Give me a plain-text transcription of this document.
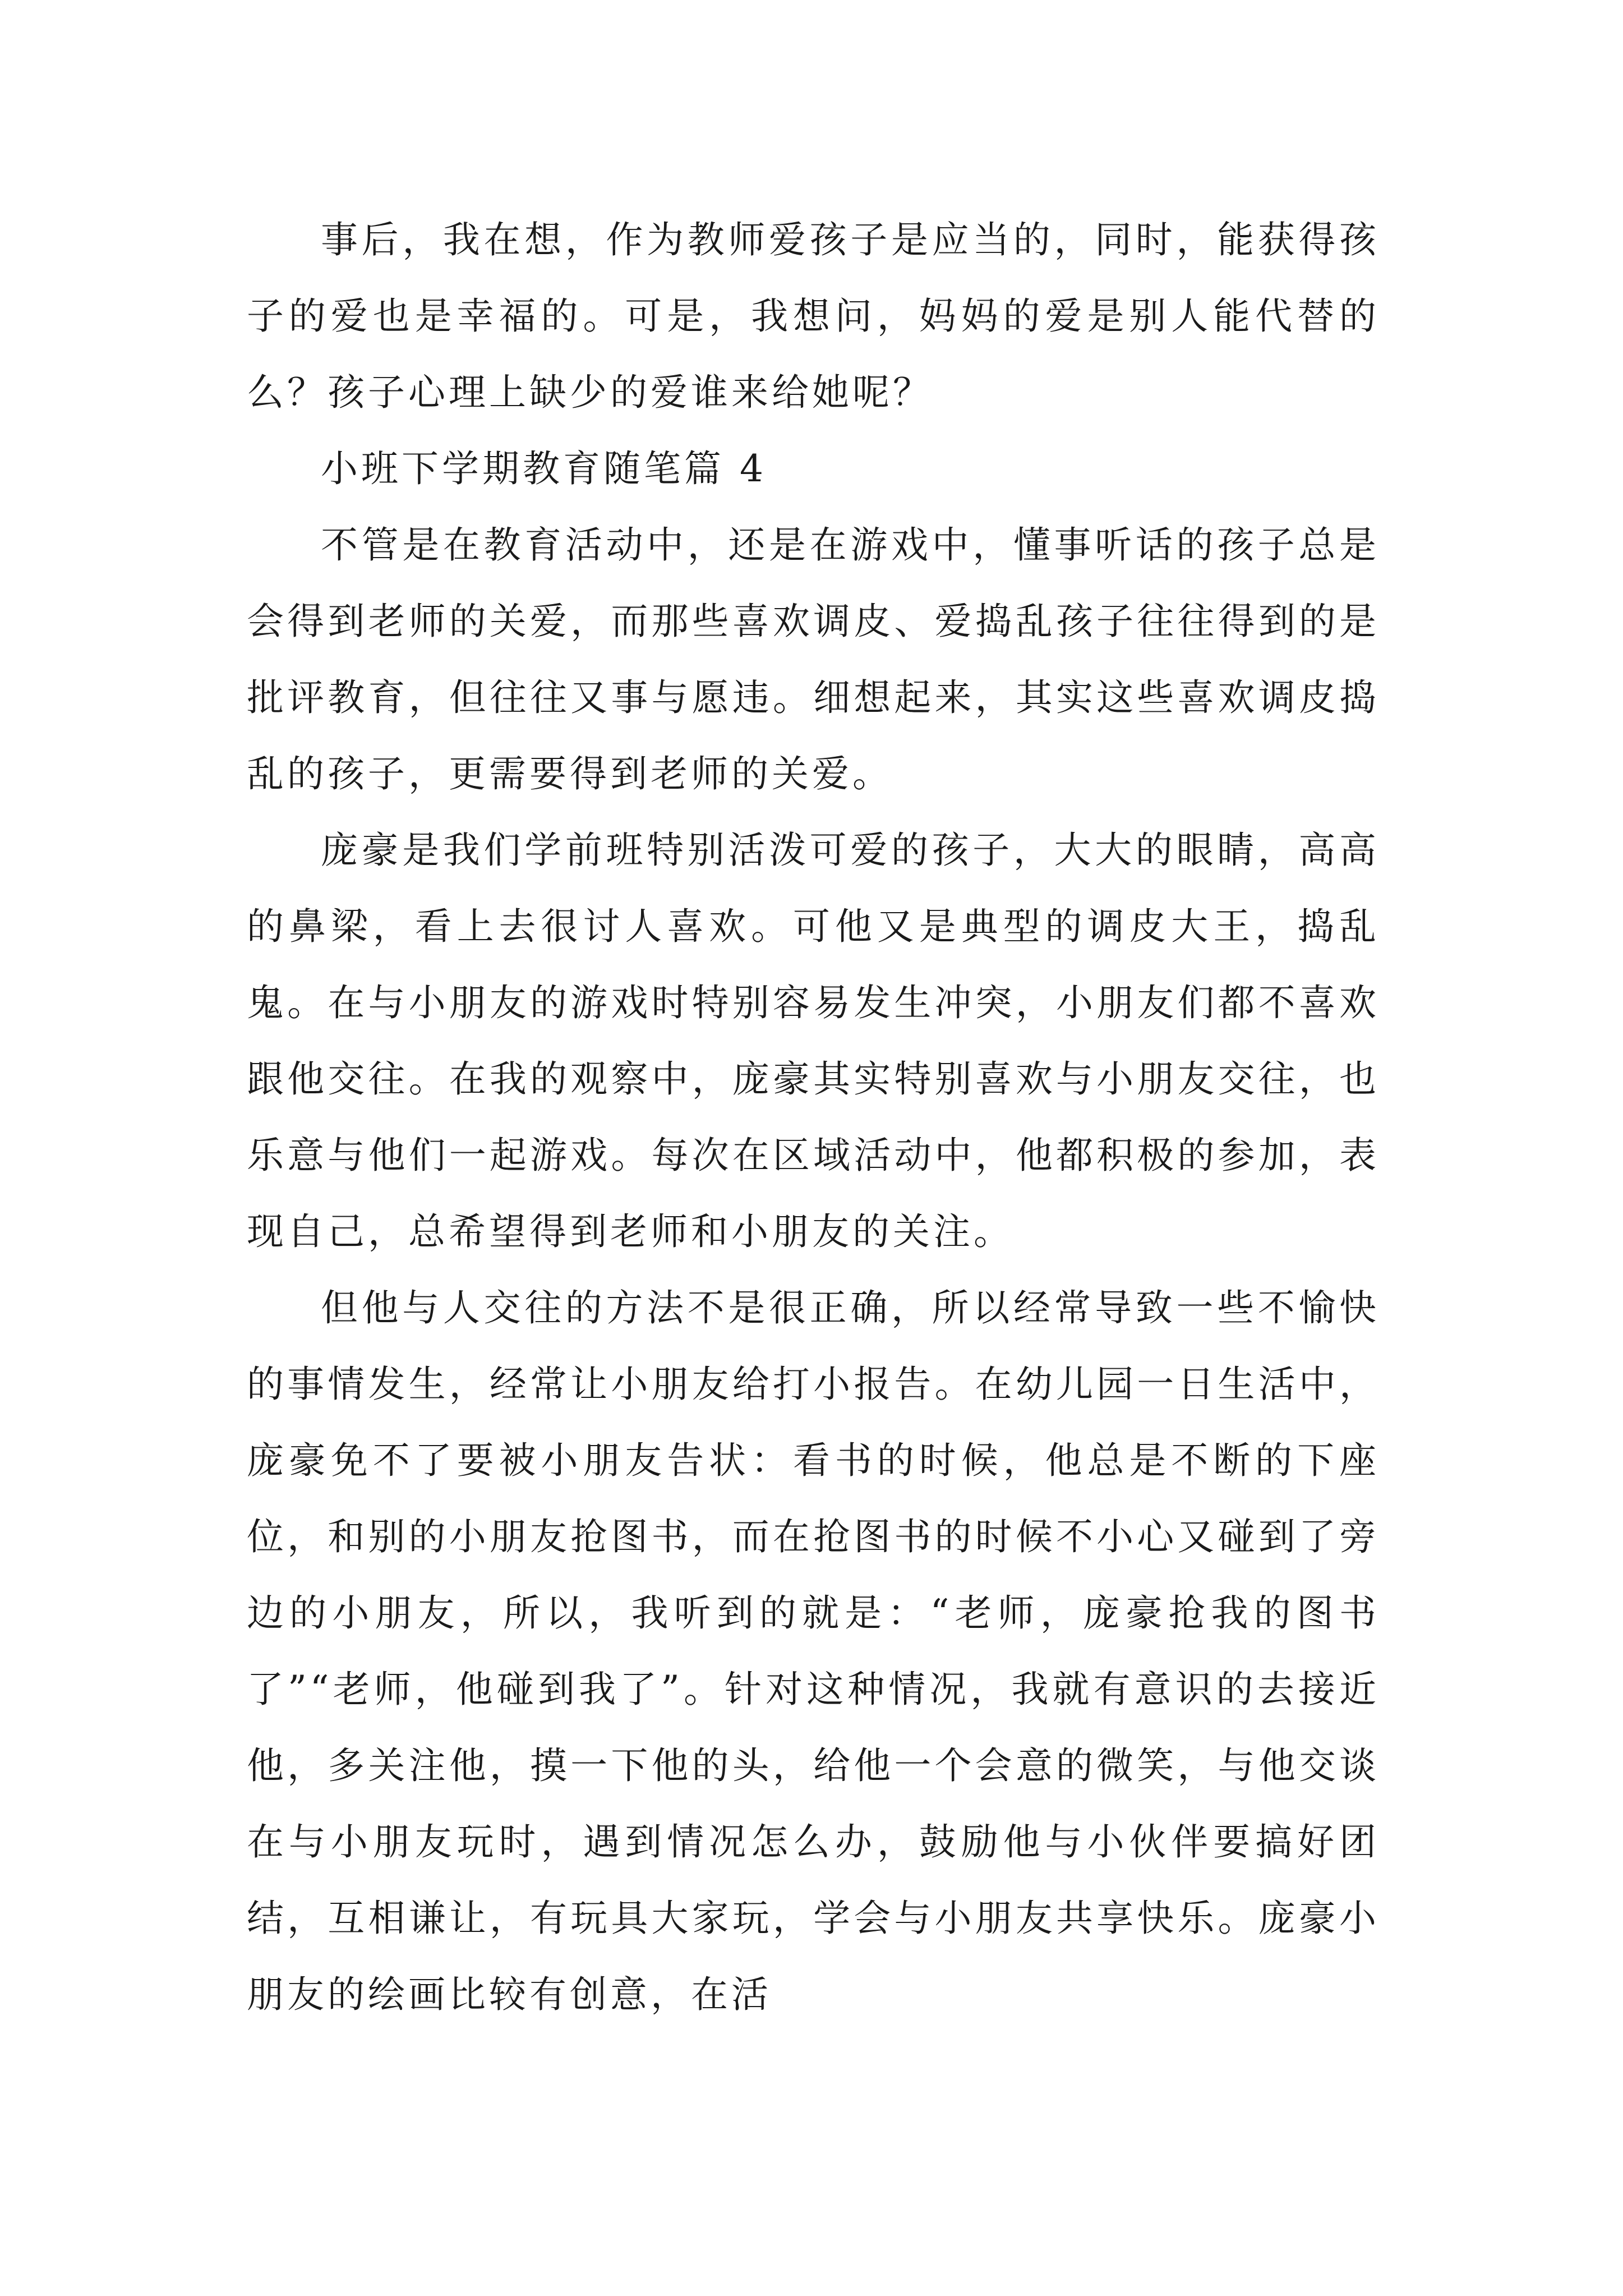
事后，我在想，作为教师爱孩子是应当的，同时，能获得孩子的爱也是幸福的。可是，我想问，妈妈的爱是别人能代替的么？孩子心理上缺少的爱谁来给她呢？

小班下学期教育随笔篇 4

不管是在教育活动中，还是在游戏中，懂事听话的孩子总是会得到老师的关爱，而那些喜欢调皮、爱捣乱孩子往往得到的是批评教育，但往往又事与愿违。细想起来，其实这些喜欢调皮捣乱的孩子，更需要得到老师的关爱。

庞豪是我们学前班特别活泼可爱的孩子，大大的眼睛，高高的鼻梁，看上去很讨人喜欢。可他又是典型的调皮大王，捣乱鬼。在与小朋友的游戏时特别容易发生冲突，小朋友们都不喜欢跟他交往。在我的观察中，庞豪其实特别喜欢与小朋友交往，也乐意与他们一起游戏。每次在区域活动中，他都积极的参加，表现自己，总希望得到老师和小朋友的关注。

但他与人交往的方法不是很正确，所以经常导致一些不愉快的事情发生，经常让小朋友给打小报告。在幼儿园一日生活中，庞豪免不了要被小朋友告状：看书的时候，他总是不断的下座位，和别的小朋友抢图书，而在抢图书的时候不小心又碰到了旁边的小朋友，所以，我听到的就是：“老师，庞豪抢我的图书了”“老师，他碰到我了”。针对这种情况，我就有意识的去接近他，多关注他，摸一下他的头，给他一个会意的微笑，与他交谈在与小朋友玩时，遇到情况怎么办，鼓励他与小伙伴要搞好团结，互相谦让，有玩具大家玩，学会与小朋友共享快乐。庞豪小朋友的绘画比较有创意，在活
